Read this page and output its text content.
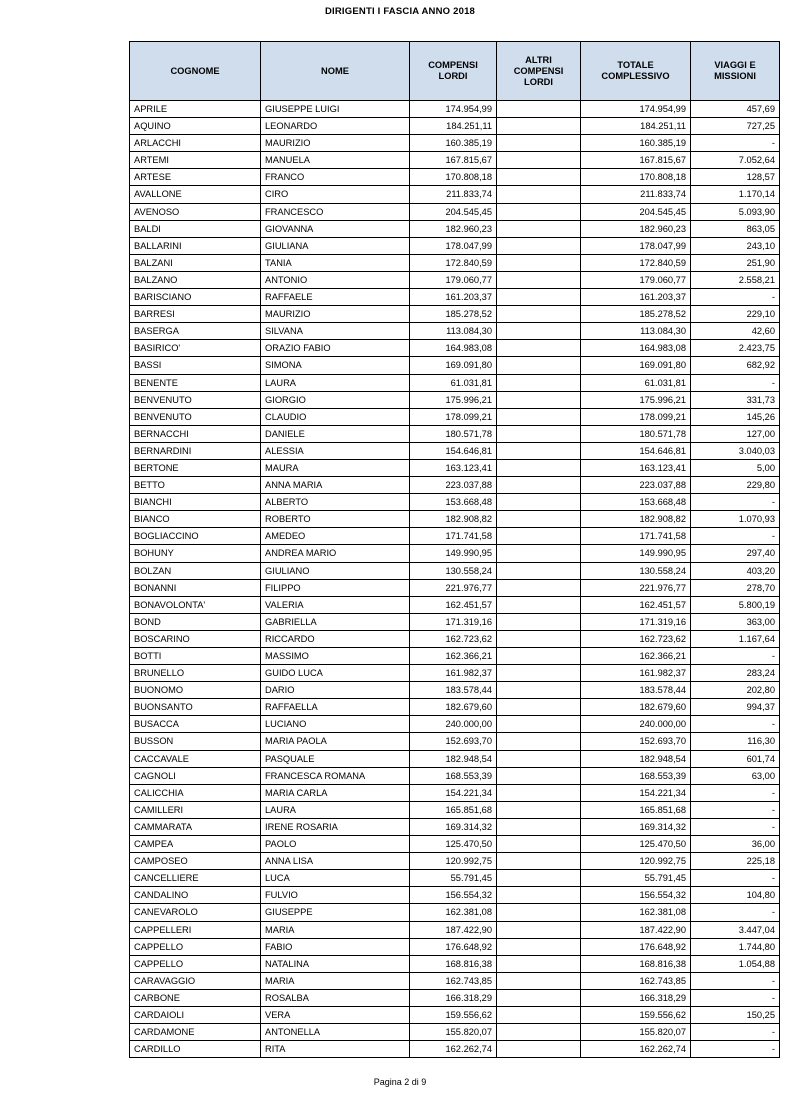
DIRIGENTI I FASCIA ANNO 2018
COGNOME	NOME	COMPENSI LORDI	ALTRI COMPENSI LORDI	TOTALE COMPLESSIVO	VIAGGI E MISSIONI
APRILE	GIUSEPPE LUIGI	174.954,99		174.954,99	457,69
AQUINO	LEONARDO	184.251,11		184.251,11	727,25
ARLACCHI	MAURIZIO	160.385,19		160.385,19	-
ARTEMI	MANUELA	167.815,67		167.815,67	7.052,64
ARTESE	FRANCO	170.808,18		170.808,18	128,57
AVALLONE	CIRO	211.833,74		211.833,74	1.170,14
AVENOSO	FRANCESCO	204.545,45		204.545,45	5.093,90
BALDI	GIOVANNA	182.960,23		182.960,23	863,05
BALLARINI	GIULIANA	178.047,99		178.047,99	243,10
BALZANI	TANIA	172.840,59		172.840,59	251,90
BALZANO	ANTONIO	179.060,77		179.060,77	2.558,21
BARISCIANO	RAFFAELE	161.203,37		161.203,37	-
BARRESI	MAURIZIO	185.278,52		185.278,52	229,10
BASERGA	SILVANA	113.084,30		113.084,30	42,60
BASIRICO'	ORAZIO FABIO	164.983,08		164.983,08	2.423,75
BASSI	SIMONA	169.091,80		169.091,80	682,92
BENENTE	LAURA	61.031,81		61.031,81	-
BENVENUTO	GIORGIO	175.996,21		175.996,21	331,73
BENVENUTO	CLAUDIO	178.099,21		178.099,21	145,26
BERNACCHI	DANIELE	180.571,78		180.571,78	127,00
BERNARDINI	ALESSIA	154.646,81		154.646,81	3.040,03
BERTONE	MAURA	163.123,41		163.123,41	5,00
BETTO	ANNA MARIA	223.037,88		223.037,88	229,80
BIANCHI	ALBERTO	153.668,48		153.668,48	-
BIANCO	ROBERTO	182.908,82		182.908,82	1.070,93
BOGLIACCINO	AMEDEO	171.741,58		171.741,58	-
BOHUNY	ANDREA MARIO	149.990,95		149.990,95	297,40
BOLZAN	GIULIANO	130.558,24		130.558,24	403,20
BONANNI	FILIPPO	221.976,77		221.976,77	278,70
BONAVOLONTA'	VALERIA	162.451,57		162.451,57	5.800,19
BOND	GABRIELLA	171.319,16		171.319,16	363,00
BOSCARINO	RICCARDO	162.723,62		162.723,62	1.167,64
BOTTI	MASSIMO	162.366,21		162.366,21	-
BRUNELLO	GUIDO LUCA	161.982,37		161.982,37	283,24
BUONOMO	DARIO	183.578,44		183.578,44	202,80
BUONSANTO	RAFFAELLA	182.679,60		182.679,60	994,37
BUSACCA	LUCIANO	240.000,00		240.000,00	-
BUSSON	MARIA PAOLA	152.693,70		152.693,70	116,30
CACCAVALE	PASQUALE	182.948,54		182.948,54	601,74
CAGNOLI	FRANCESCA ROMANA	168.553,39		168.553,39	63,00
CALICCHIA	MARIA CARLA	154.221,34		154.221,34	-
CAMILLERI	LAURA	165.851,68		165.851,68	-
CAMMARATA	IRENE ROSARIA	169.314,32		169.314,32	-
CAMPEA	PAOLO	125.470,50		125.470,50	36,00
CAMPOSEO	ANNA LISA	120.992,75		120.992,75	225,18
CANCELLIERE	LUCA	55.791,45		55.791,45	-
CANDALINO	FULVIO	156.554,32		156.554,32	104,80
CANEVAROLO	GIUSEPPE	162.381,08		162.381,08	-
CAPPELLERI	MARIA	187.422,90		187.422,90	3.447,04
CAPPELLO	FABIO	176.648,92		176.648,92	1.744,80
CAPPELLO	NATALINA	168.816,38		168.816,38	1.054,88
CARAVAGGIO	MARIA	162.743,85		162.743,85	-
CARBONE	ROSALBA	166.318,29		166.318,29	-
CARDAIOLI	VERA	159.556,62		159.556,62	150,25
CARDAMONE	ANTONELLA	155.820,07		155.820,07	-
CARDILLO	RITA	162.262,74		162.262,74	-
Pagina 2 di 9
